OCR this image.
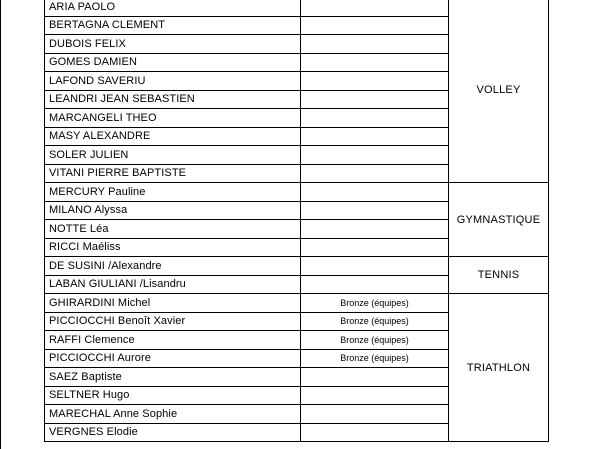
ARIA PAOLO		VOLLEY
BERTAGNA CLEMENT		
DUBOIS FELIX		
GOMES DAMIEN		
LAFOND SAVERIU		
LEANDRI JEAN SEBASTIEN		
MARCANGELI THEO		
MASY ALEXANDRE		
SOLER JULIEN		
VITANI PIERRE BAPTISTE		
MERCURY Pauline		GYMNASTIQUE
MILANO Alyssa		
NOTTE Léa		
RICCI Maéliss		
DE SUSINI /Alexandre		TENNIS
LABAN GIULIANI /Lisandru		
GHIRARDINI Michel	Bronze (équipes)	TRIATHLON
PICCIOCCHI Benoît Xavier	Bronze (équipes)	
RAFFI Clemence	Bronze (équipes)	
PICCIOCCHI Aurore	Bronze (équipes)	
SAEZ Baptiste		
SELTNER Hugo		
MARECHAL Anne Sophie		
VERGNES Elodie		
